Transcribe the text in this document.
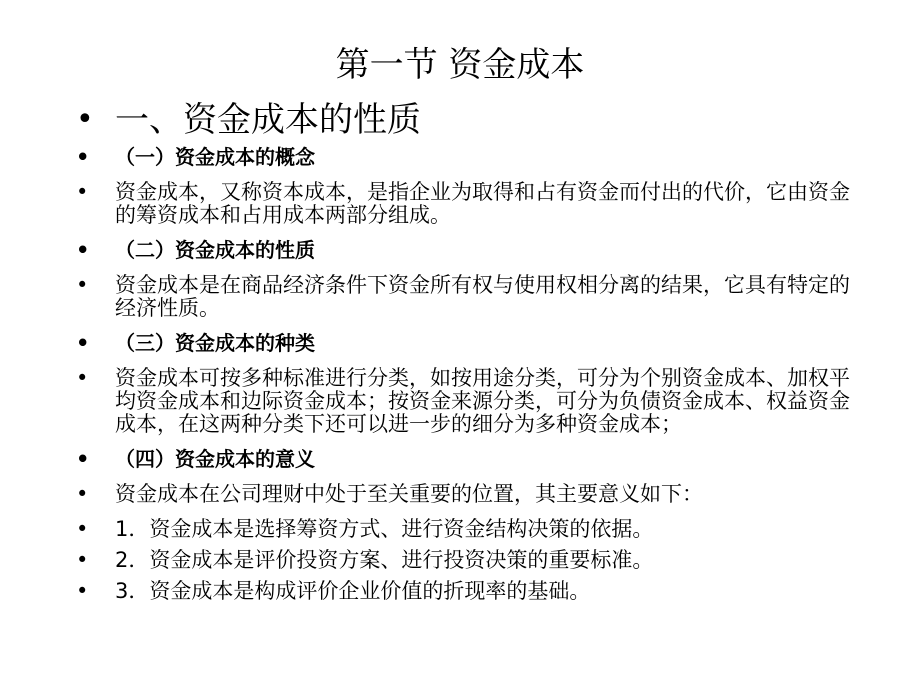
第一节 资金成本
• 一、资金成本的性质
• （一）资金成本的概念
• 资金成本，又称资本成本，是指企业为取得和占有资金而付出的代价，它由资金的筹资成本和占用成本两部分组成。
• （二）资金成本的性质
• 资金成本是在商品经济条件下资金所有权与使用权相分离的结果，它具有特定的经济性质。
• （三）资金成本的种类
• 资金成本可按多种标准进行分类，如按用途分类，可分为个别资金成本、加权平均资金成本和边际资金成本；按资金来源分类，可分为负债资金成本、权益资金成本，在这两种分类下还可以进一步的细分为多种资金成本；
• （四）资金成本的意义
• 资金成本在公司理财中处于至关重要的位置，其主要意义如下：
• 1．资金成本是选择筹资方式、进行资金结构决策的依据。
• 2．资金成本是评价投资方案、进行投资决策的重要标准。
• 3．资金成本是构成评价企业价值的折现率的基础。
